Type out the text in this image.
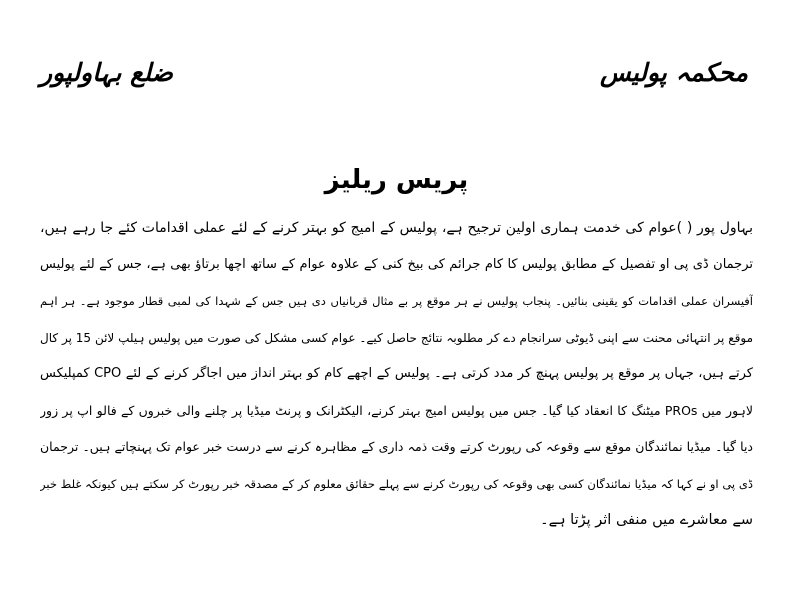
محکمہ پولیس
ضلع بہاولپور
پریس ریلیز
بہاول پور ( )عوام کی خدمت ہماری اولین ترجیح ہے، پولیس کے امیج کو بہتر کرنے کے لئے عملی اقدامات کئے جا رہے ہیں،
ترجمان ڈی پی او تفصیل کے مطابق پولیس کا کام جرائم کی بیخ کنی کے علاوہ عوام کے ساتھ اچھا برتاؤ بھی ہے، جس کے لئے پولیس
آفیسران عملی اقدامات کو یقینی بنائیں۔ پنجاب پولیس نے ہر موقع پر بے مثال قربانیاں دی ہیں جس کے شہدا کی لمبی قطار موجود ہے۔ ہر اہم
موقع پر انتہائی محنت سے اپنی ڈیوٹی سرانجام دے کر مطلوبہ نتائج حاصل کیے۔ عوام کسی مشکل کی صورت میں پولیس ہیلپ لائن 15 پر کال
کرتے ہیں، جہاں پر موقع پر پولیس پہنچ کر مدد کرتی ہے۔ پولیس کے اچھے کام کو بہتر انداز میں اجاگر کرنے کے لئے CPO کمپلیکس
لاہور میں PROs میٹنگ کا انعقاد کیا گیا۔ جس میں پولیس امیج بہتر کرنے، الیکٹرانک و پرنٹ میڈیا پر چلنے والی خبروں کے فالو اپ پر زور
دیا گیا۔ میڈیا نمائندگان موقع سے وقوعہ کی رپورٹ کرتے وقت ذمہ داری کے مظاہرہ کرنے سے درست خبر عوام تک پہنچاتے ہیں۔ ترجمان
ڈی پی او نے کہا کہ میڈیا نمائندگان کسی بھی وقوعہ کی رپورٹ کرنے سے پہلے حقائق معلوم کر کے مصدقہ خبر رپورٹ کر سکتے ہیں کیونکہ غلط خبر
سے معاشرے میں منفی اثر پڑتا ہے۔
